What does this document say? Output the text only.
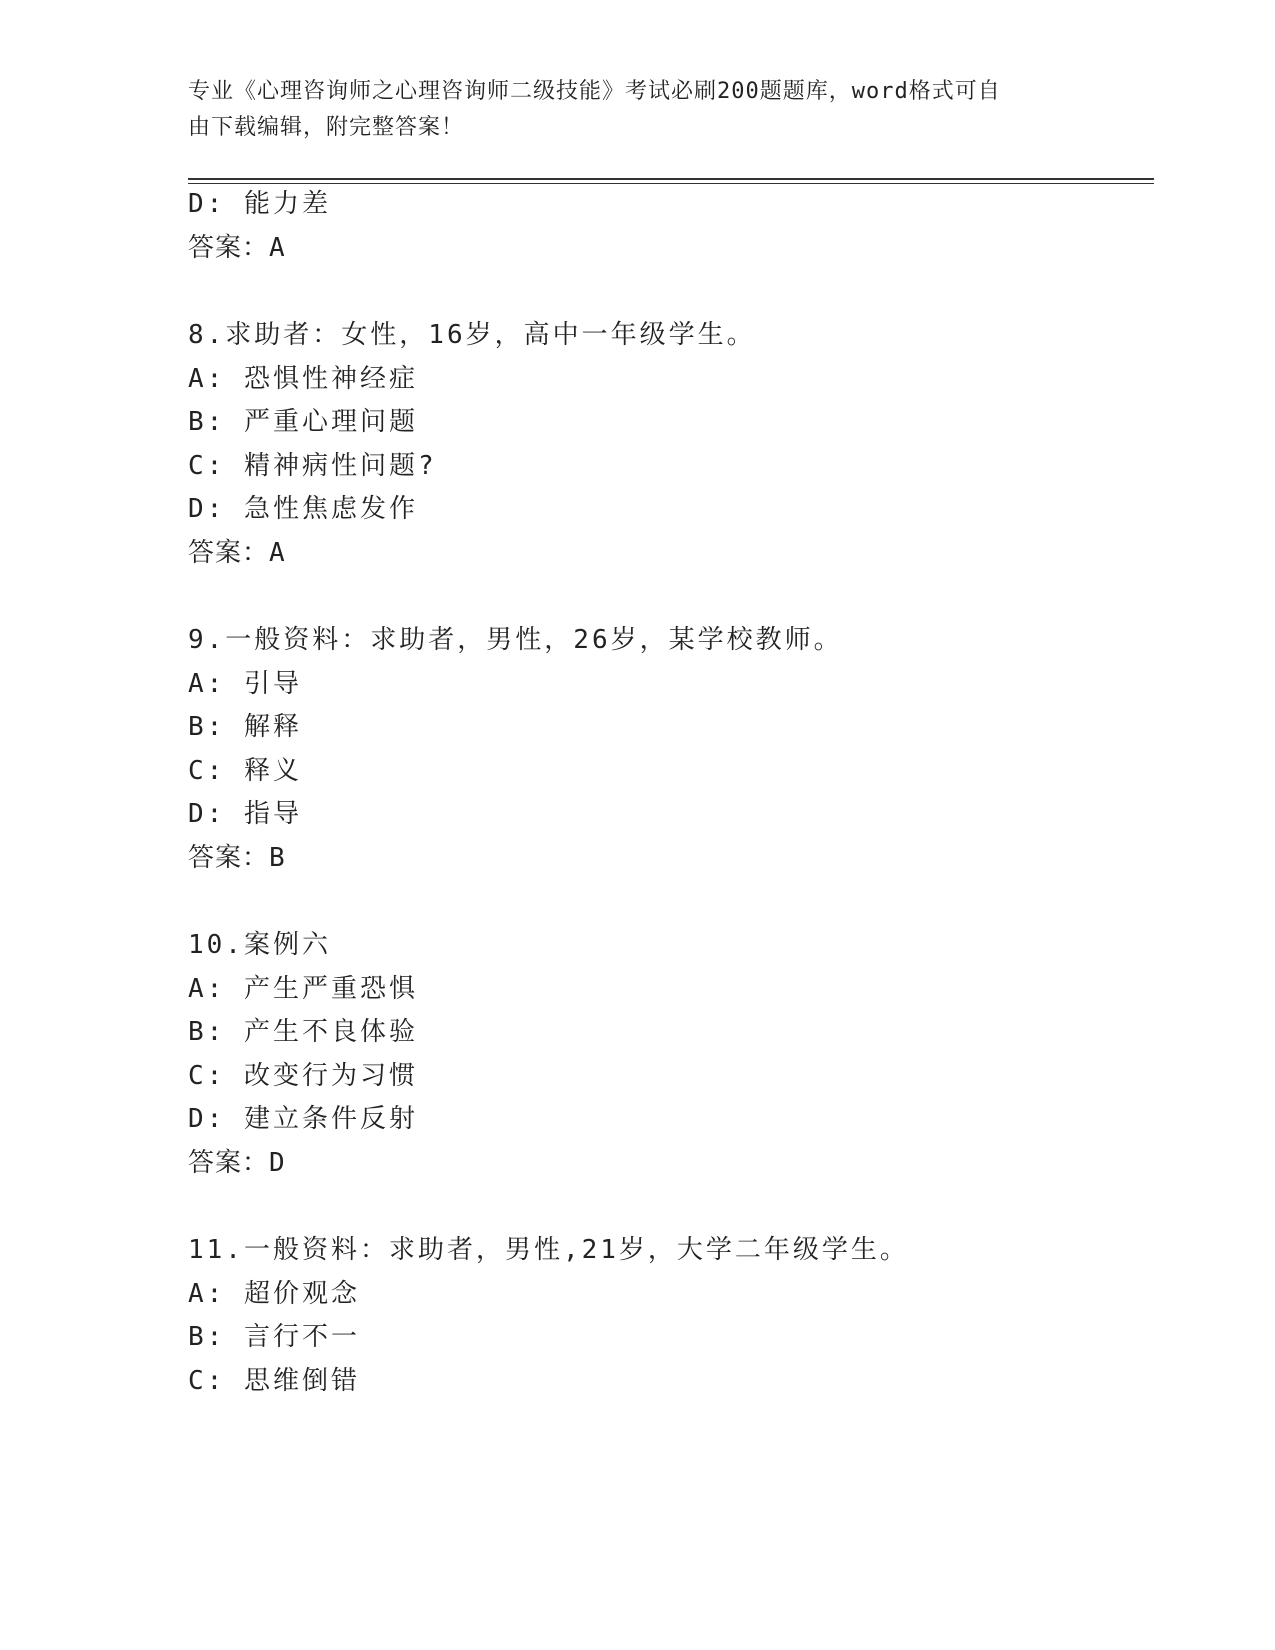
专业《心理咨询师之心理咨询师二级技能》考试必刷200题题库，word格式可自
由下载编辑，附完整答案！
D: 能力差
答案：A
8.求助者：女性，16岁，高中一年级学生。
A: 恐惧性神经症
B: 严重心理问题
C: 精神病性问题?
D: 急性焦虑发作
答案：A
9.一般资料：求助者，男性，26岁，某学校教师。
A: 引导
B: 解释
C: 释义
D: 指导
答案：B
10.案例六
A: 产生严重恐惧
B: 产生不良体验
C: 改变行为习惯
D: 建立条件反射
答案：D
11.一般资料：求助者，男性,21岁，大学二年级学生。
A: 超价观念
B: 言行不一
C: 思维倒错
